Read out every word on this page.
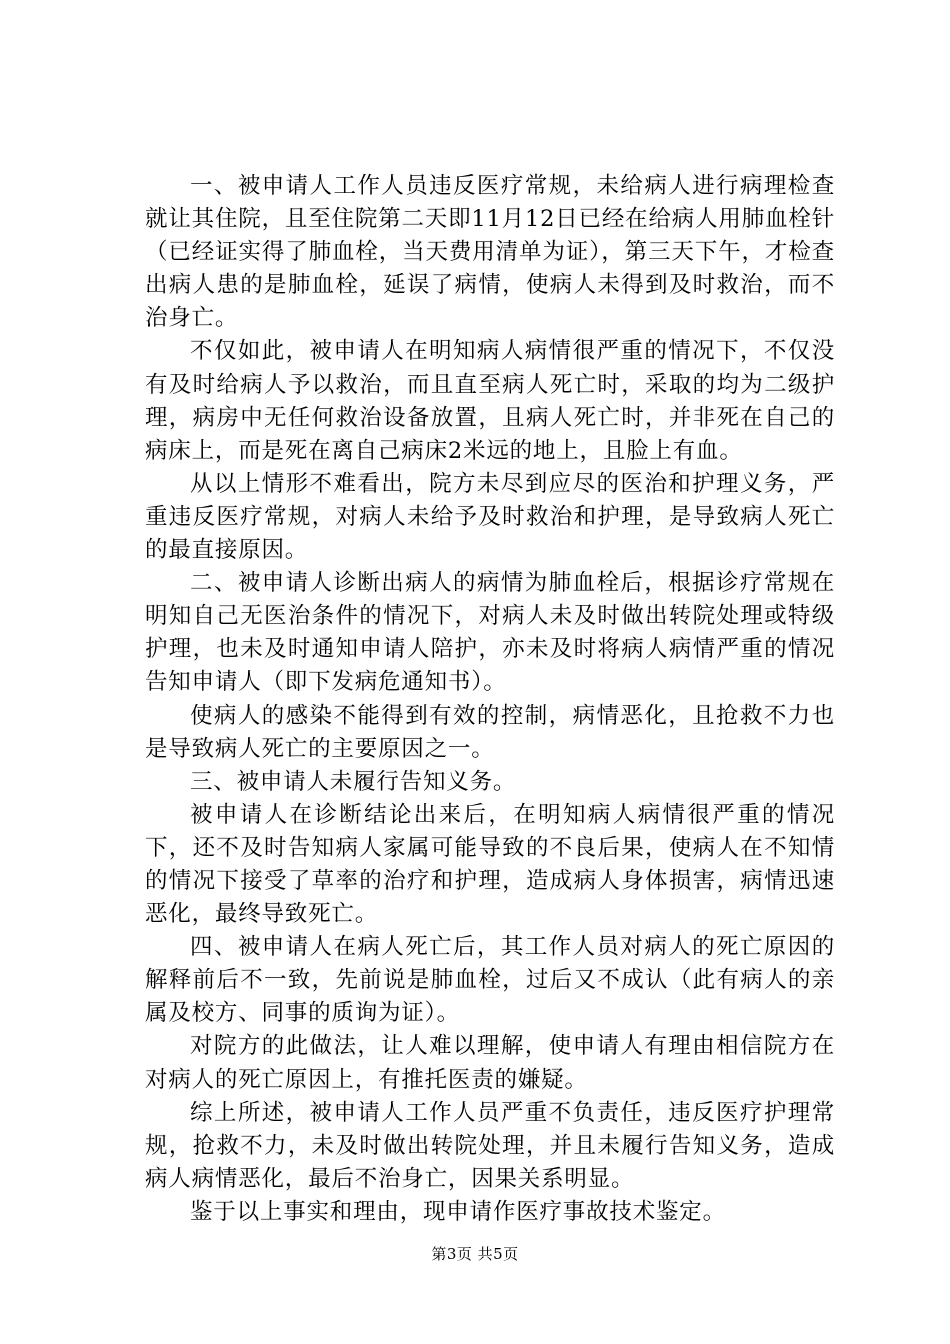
一、被申请人工作人员违反医疗常规，未给病人进行病理检查就让其住院，且至住院第二天即11月12日已经在给病人用肺血栓针（已经证实得了肺血栓，当天费用清单为证），第三天下午，才检查出病人患的是肺血栓，延误了病情，使病人未得到及时救治，而不治身亡。

不仅如此，被申请人在明知病人病情很严重的情况下，不仅没有及时给病人予以救治，而且直至病人死亡时，采取的均为二级护理，病房中无任何救治设备放置，且病人死亡时，并非死在自己的病床上，而是死在离自己病床2米远的地上，且脸上有血。

从以上情形不难看出，院方未尽到应尽的医治和护理义务，严重违反医疗常规，对病人未给予及时救治和护理，是导致病人死亡的最直接原因。

二、被申请人诊断出病人的病情为肺血栓后，根据诊疗常规在明知自己无医治条件的情况下，对病人未及时做出转院处理或特级护理，也未及时通知申请人陪护，亦未及时将病人病情严重的情况告知申请人（即下发病危通知书）。

使病人的感染不能得到有效的控制，病情恶化，且抢救不力也是导致病人死亡的主要原因之一。

三、被申请人未履行告知义务。

被申请人在诊断结论出来后，在明知病人病情很严重的情况下，还不及时告知病人家属可能导致的不良后果，使病人在不知情的情况下接受了草率的治疗和护理，造成病人身体损害，病情迅速恶化，最终导致死亡。

四、被申请人在病人死亡后，其工作人员对病人的死亡原因的解释前后不一致，先前说是肺血栓，过后又不成认（此有病人的亲属及校方、同事的质询为证）。

对院方的此做法，让人难以理解，使申请人有理由相信院方在对病人的死亡原因上，有推托医责的嫌疑。

综上所述，被申请人工作人员严重不负责任，违反医疗护理常规，抢救不力，未及时做出转院处理，并且未履行告知义务，造成病人病情恶化，最后不治身亡，因果关系明显。

鉴于以上事实和理由，现申请作医疗事故技术鉴定。

第3页 共5页
